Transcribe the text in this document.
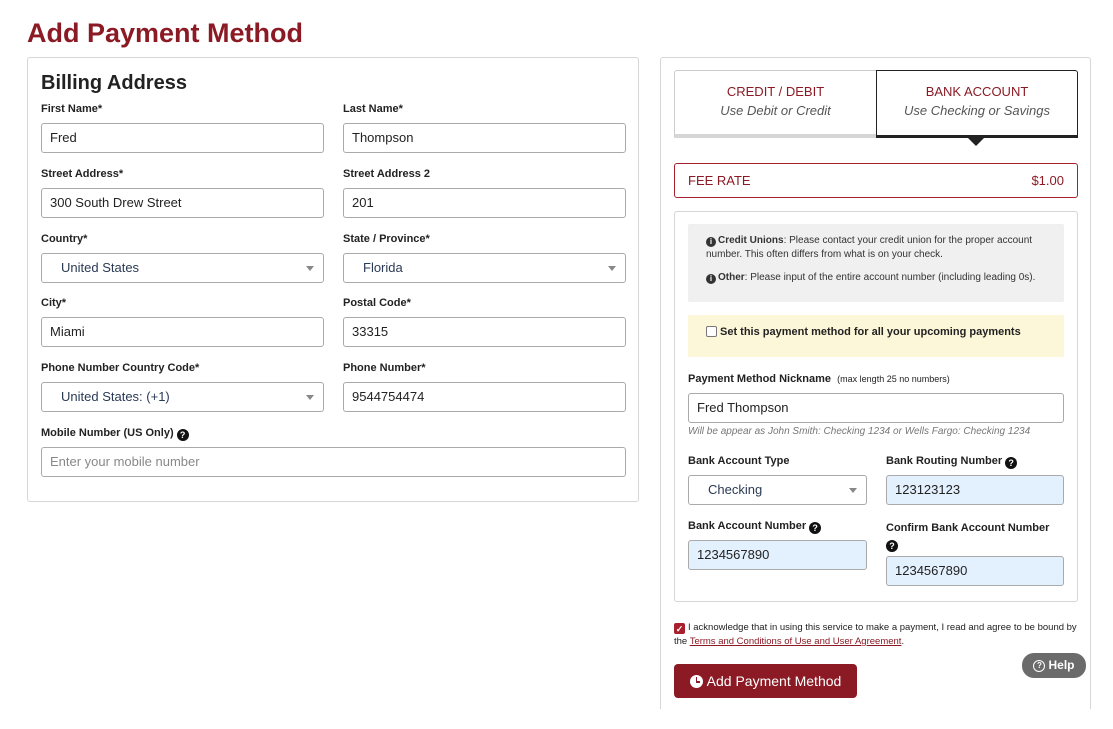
Add Payment Method
Billing Address
First Name*
Fred
Last Name*
Thompson
Street Address*
300 South Drew Street
Street Address 2
201
Country*
United States
State / Province*
Florida
City*
Miami
Postal Code*
33315
Phone Number Country Code*
United States: (+1)
Phone Number*
9544754474
Mobile Number (US Only) ?
Enter your mobile number
CREDIT / DEBIT
Use Debit or Credit
BANK ACCOUNT
Use Checking or Savings
FEE RATE	$1.00

i Credit Unions: Please contact your credit union for the proper account number. This often differs from what is on your check.

i Other: Please input of the entire account number (including leading 0s).

Set this payment method for all your upcoming payments
Payment Method Nickname (max length 25 no numbers)
Fred Thompson
Will be appear as John Smith: Checking 1234 or Wells Fargo: Checking 1234
Bank Account Type
Checking
Bank Routing Number ?
123123123
Bank Account Number ?
1234567890
Confirm Bank Account Number
?
1234567890
✓ I acknowledge that in using this service to make a payment, I read and agree to be bound by the Terms and Conditions of Use and User Agreement.
Add Payment Method
? Help
